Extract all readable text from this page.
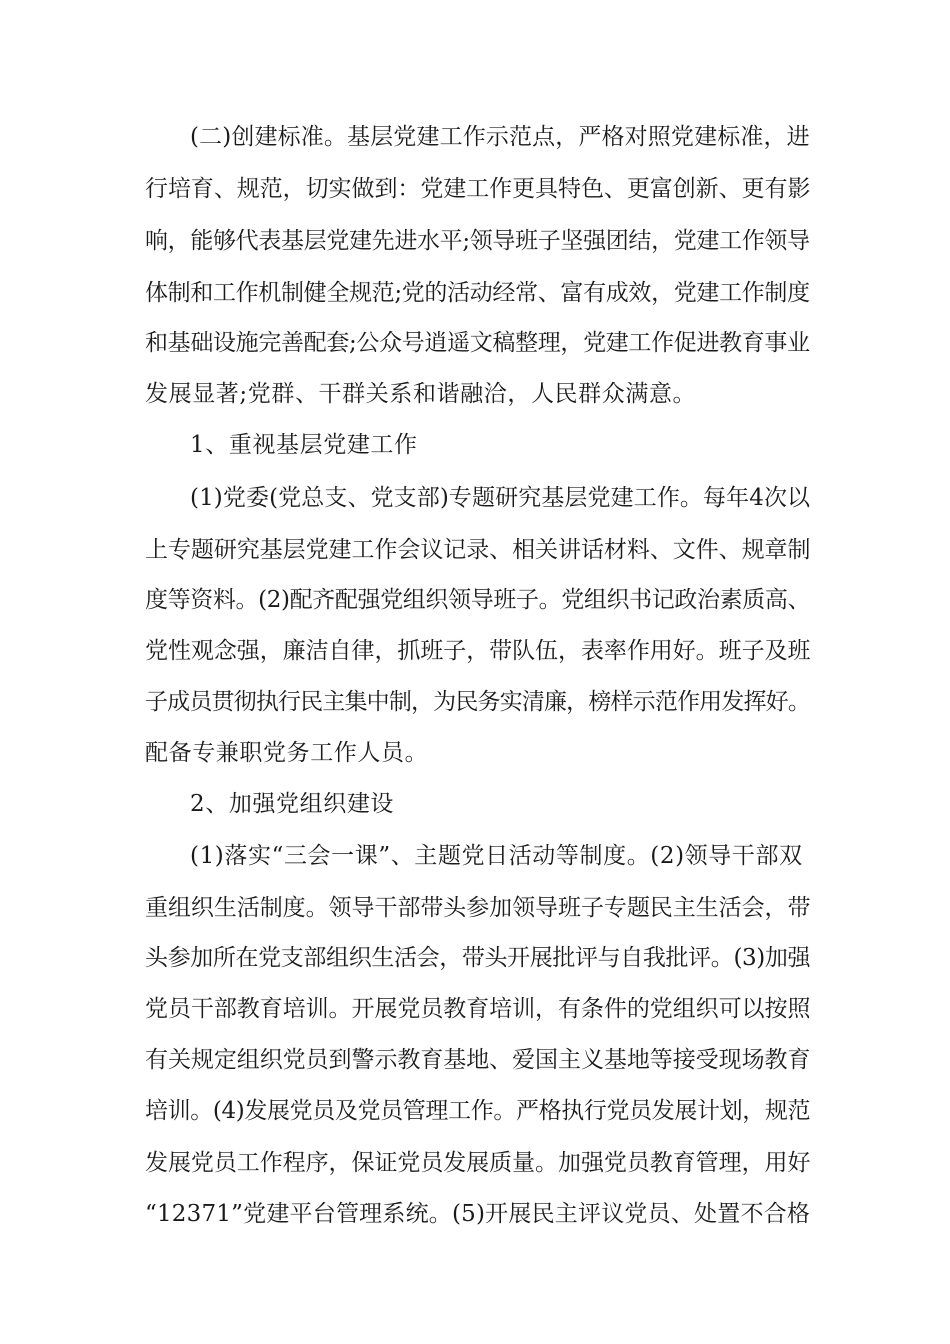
(二)创建标准。基层党建工作示范点，严格对照党建标准，进
行培育、规范，切实做到：党建工作更具特色、更富创新、更有影
响，能够代表基层党建先进水平;领导班子坚强团结，党建工作领导
体制和工作机制健全规范;党的活动经常、富有成效，党建工作制度
和基础设施完善配套;公众号逍遥文稿整理，党建工作促进教育事业
发展显著;党群、干群关系和谐融洽，人民群众满意。
1、重视基层党建工作
(1)党委(党总支、党支部)专题研究基层党建工作。每年4次以
上专题研究基层党建工作会议记录、相关讲话材料、文件、规章制
度等资料。(2)配齐配强党组织领导班子。党组织书记政治素质高、
党性观念强，廉洁自律，抓班子，带队伍，表率作用好。班子及班
子成员贯彻执行民主集中制，为民务实清廉，榜样示范作用发挥好。
配备专兼职党务工作人员。
2、加强党组织建设
(1)落实“三会一课”、主题党日活动等制度。(2)领导干部双
重组织生活制度。领导干部带头参加领导班子专题民主生活会，带
头参加所在党支部组织生活会，带头开展批评与自我批评。(3)加强
党员干部教育培训。开展党员教育培训，有条件的党组织可以按照
有关规定组织党员到警示教育基地、爱国主义基地等接受现场教育
培训。(4)发展党员及党员管理工作。严格执行党员发展计划，规范
发展党员工作程序，保证党员发展质量。加强党员教育管理，用好
“12371”党建平台管理系统。(5)开展民主评议党员、处置不合格
